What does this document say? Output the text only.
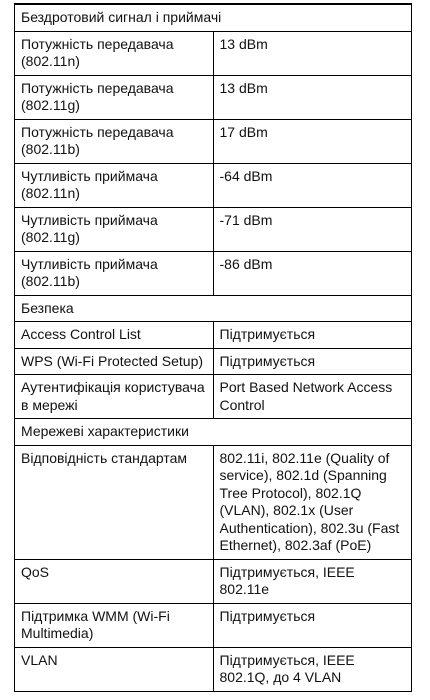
Бездротовий сигнал і приймачі	
Потужність передавача (802.11n)	13 dBm
Потужність передавача (802.11g)	13 dBm
Потужність передавача (802.11b)	17 dBm
Чутливість приймача (802.11n)	-64 dBm
Чутливість приймача (802.11g)	-71 dBm
Чутливість приймача (802.11b)	-86 dBm
Безпека	
Access Control List	Підтримується
WPS (Wi-Fi Protected Setup)	Підтримується
Аутентифікація користувача в мережі	Port Based Network Access Control
Мережеві характеристики	
Відповідність стандартам	802.11i, 802.11e (Quality of service), 802.1d (Spanning Tree Protocol), 802.1Q (VLAN), 802.1x (User Authentication), 802.3u (Fast Ethernet), 802.3af (PoE)
QoS	Підтримується, IEEE 802.11e
Підтримка WMM (Wi-Fi Multimedia)	Підтримується
VLAN	Підтримується, IEEE 802.1Q, до 4 VLAN
